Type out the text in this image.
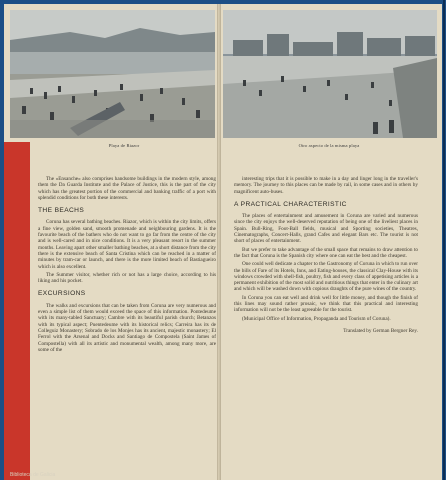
Playa de Riazor	Otro aspecto de la misma playa

The «Ensanche» also comprises handsome buildings in the modern style, among them the Da Guarda Institute and the Palace of Justice, this is the part of the city which has the greatest portion of the commercial and banking traffic of a port with splendid conditions for both these interests.

THE BEACHS

Coruna has several bathing beaches. Riazor, which is within the city limits, offers a fine view, golden sand, smooth promenade and neighbouring gardens. It is the favourite beach of the bathers who do not want to go far from the centre of the city and is well-cared and in nice conditions. It is a very pleasant resort in the summer months. Leaving apart other smaller bathing beaches, at a short distance from the city there is the extensive beach of Santa Cristina which can be reached in a matter of minutes by tram-car or launch, and there is the more limited beach of Bastiagueiro which is also excellent.

The Summer visitor, whether rich or not has a large choice, according to his liking and his pocket.

EXCURSIONS

The walks and excursions that can be taken from Coruna are very numerous and even a simple list of them would exceed the space of this information. Pontedeume with its many-tabled Sanctuary; Cambre with its beautiful parish church; Betanzos with its typical aspect; Puentedeume with its historical relics; Carreira has its de Colleguiz Monastery; Sobrado de los Monjes has its ancient, majestic monastery; El Ferrol with the Arsenal and Docks and Santiago de Compostela (Saint James of Compostella) with all its artistic and monumental wealth, among many more, are some of the

interesting trips that it is possible to make in a day and linger long in the traveller's memory. The journey to this places can be made by rail, in some cases and in others by magnificent auto-buses.

A PRACTICAL CHARACTERISTIC

The places of entertainment and amusement in Coruna are varied and numerous since the city enjoys the well-deserved reputation of being one of the liveliest places in Spain. Bull-Ring, Foot-Ball fields, musical and Sporting societies, Theatres, Cinematographs, Concert-Halls, grand Cafes and elegant Bars etc. The tourist is not short of places of entertainment.

But we prefer to take advantage of the small space that remains to draw attention to the fact that Coruna is the Spanish city where one can eat the best and the cheapest.

One could well dedicate a chapter to the Gastronomy of Coruna in which to run over the bills of Fare of its Hotels, Inns, and Eating-houses, the classical Clay-House with its windows crowded with shell-fish, poultry, fish and every class of appetising articles is a permanent exhibition of the most solid and nutritious things that enter in the culinary art and which will be washed down with copious draughts of the pure wines of the country.

In Coruna you can eat well and drink well for little money, and though the finish of this lines may sound rather prosaic, we think that this practical and interesting information will not be the least agreeable for the tourist.

(Municipal Office of Information, Propaganda and Tourism of Coruna).

Translated by German Bergner Rey.

Biblioteca de Galicia
